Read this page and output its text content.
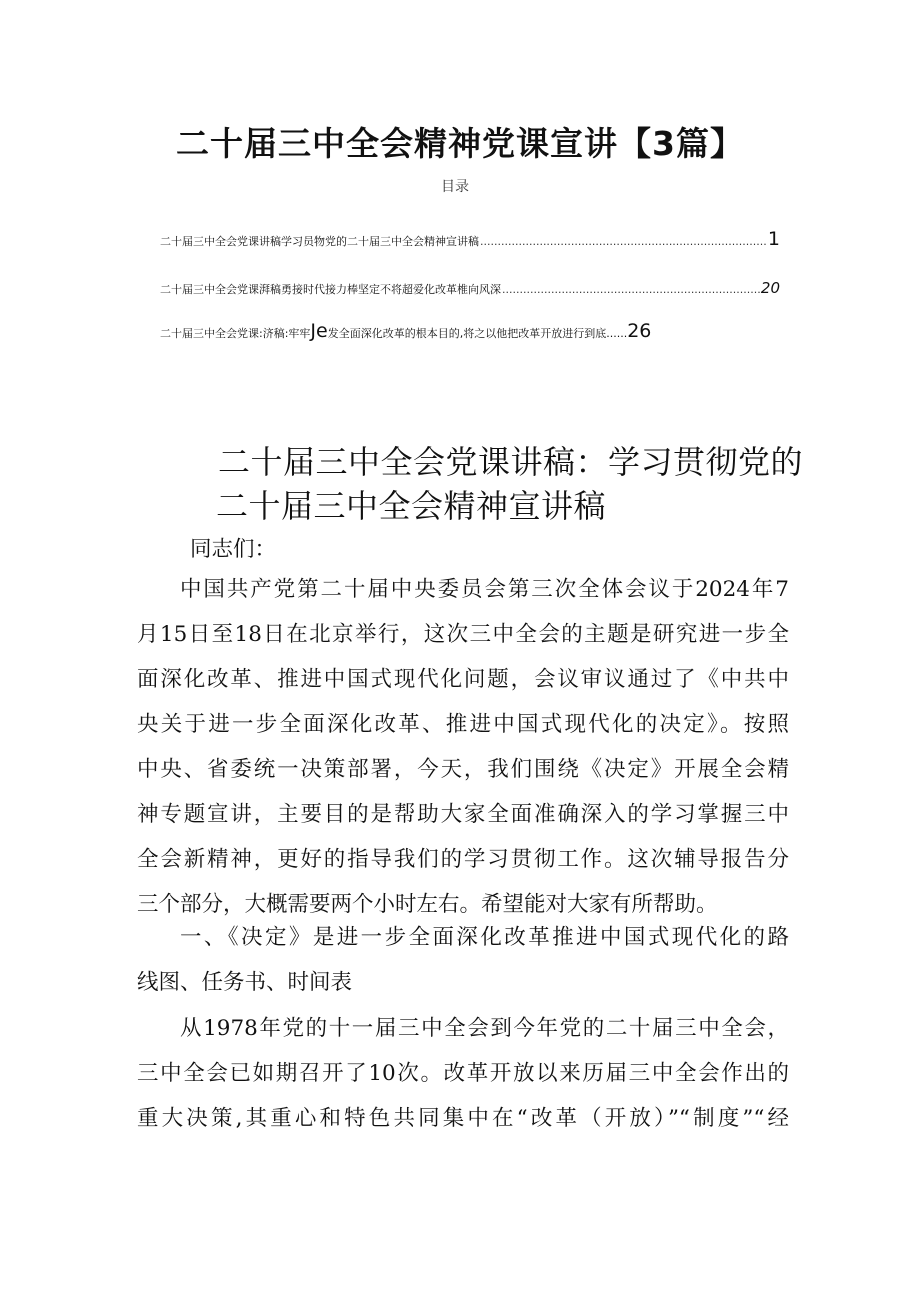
二十届三中全会精神党课宣讲【3篇】
目录
二十届三中全会党课讲稿学习员物党的二十届三中全会精神宣讲稿 .....	1
二十届三中全会党课湃稿勇接时代接力棒坚定不将超爱化改革椎向风深 .....	20
二十届三中全会党课:济稿:牢牢Je发全面深化改革的根本目的,将之以他把改革开放进行到底...... 26
二十届三中全会党课讲稿：学习贯彻党的
二十届三中全会精神宣讲稿
同志们：
中国共产党第二十届中央委员会第三次全体会议于2024年7
月15日至18日在北京举行，这次三中全会的主题是研究进一步全
面深化改革、推进中国式现代化问题，会议审议通过了《中共中
央关于进一步全面深化改革、推进中国式现代化的决定》。按照
中央、省委统一决策部署，今天，我们围绕《决定》开展全会精
神专题宣讲，主要目的是帮助大家全面准确深入的学习掌握三中
全会新精神，更好的指导我们的学习贯彻工作。这次辅导报告分
三个部分，大概需要两个小时左右。希望能对大家有所帮助。
一、《决定》是进一步全面深化改革推进中国式现代化的路
线图、任务书、时间表
从1978年党的十一届三中全会到今年党的二十届三中全会，
三中全会已如期召开了10次。改革开放以来历届三中全会作出的
重大决策,其重心和特色共同集中在“改革（开放）”“制度”“经
